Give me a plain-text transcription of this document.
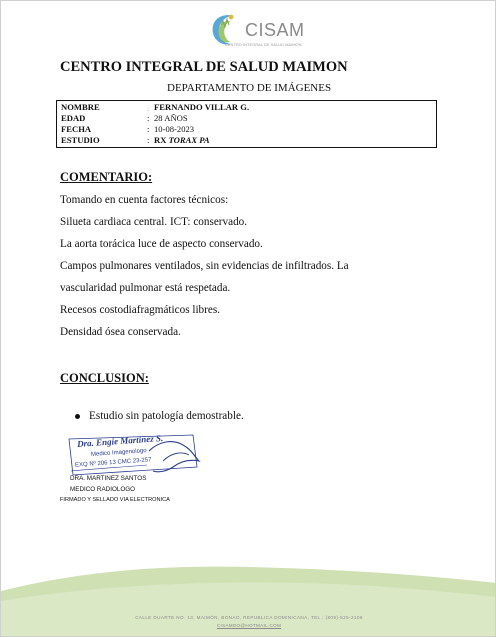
CISAM
CENTRO INTEGRAL DE SALUD MAIMON
CENTRO INTEGRAL DE SALUD MAIMON
DEPARTAMENTO DE IMÁGENES
NOMBRE	.: FERNANDO VILLAR G.
EDAD	: 28 AÑOS
FECHA	: 10-08-2023
ESTUDIO	: RX TORAX PA
COMENTARIO:
Tomando en cuenta factores técnicos:
Silueta cardiaca central. ICT: conservado.
La aorta torácica luce de aspecto conservado.
Campos pulmonares ventilados, sin evidencias de infiltrados. La
vascularidad pulmonar está respetada.
Recesos costodiafragmáticos libres.
Densidad ósea conservada.
CONCLUSION:
Estudio sin patología demostrable.
Dra. Engie Martinez S.
Medico Imagenologo
EXQ Nº 206 13 CMC 23-257
DRA. MARTINEZ SANTOS
MEDICO RADIOLOGO
FIRMADO Y SELLADO VIA ELECTRONICA
CALLE DUARTE NO. 13, MAIMÓN, BONAO, REPUBLICA DOMINICANA, TEL.: (809)-525-2106
CISAMDO@HOTMAIL.COM
